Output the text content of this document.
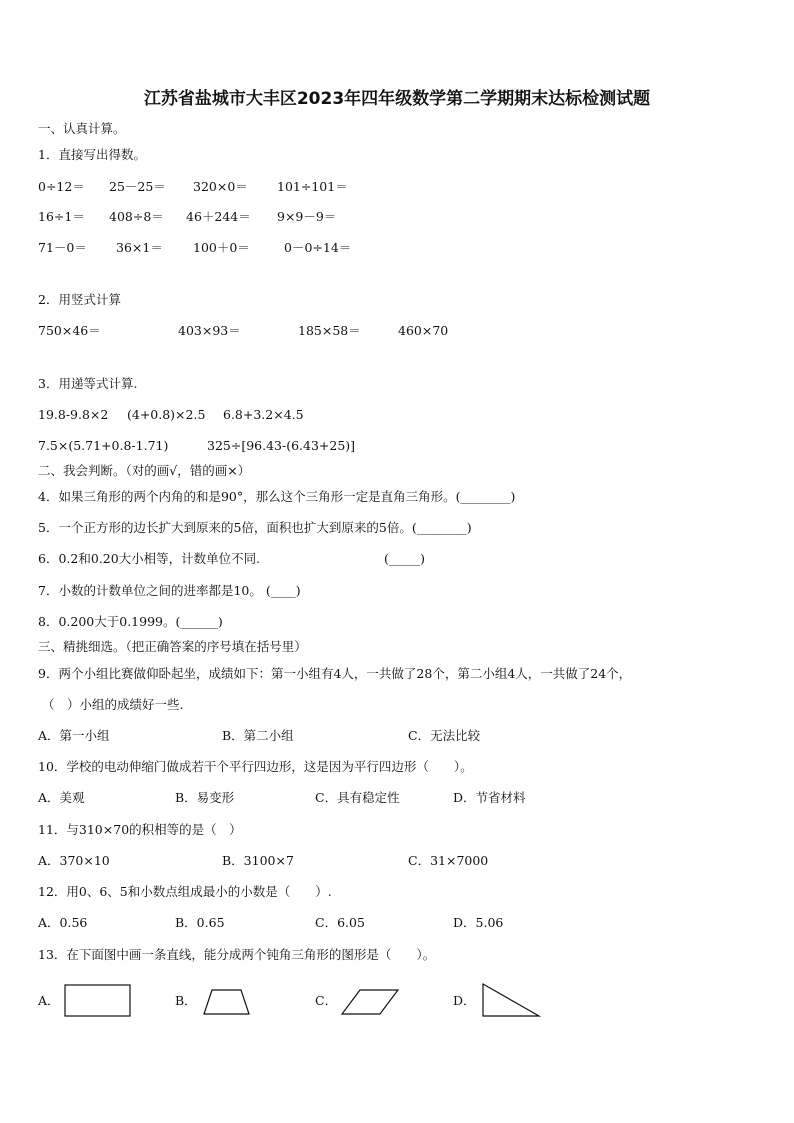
江苏省盐城市大丰区2023年四年级数学第二学期期末达标检测试题
一、认真计算。
1．直接写出得数。
0÷12＝ 25－25＝ 320×0＝ 101÷101＝
16÷1＝ 408÷8＝ 46＋244＝ 9×9－9＝
71－0＝ 36×1＝ 100＋0＝	0－0÷14＝
2．用竖式计算
750×46＝	403×93＝	185×58＝	460×70
3．用递等式计算.
19.8-9.8×2 (4+0.8)×2.5 6.8+3.2×4.5
7.5×(5.71+0.8-1.71)	325÷[96.43-(6.43+25)]
二、我会判断。（对的画√，错的画×）
4．如果三角形的两个内角的和是90°，那么这个三角形一定是直角三角形。(________)
5．一个正方形的边长扩大到原来的5倍，面积也扩大到原来的5倍。(________)
6．0.2和0.20大小相等，计数单位不同.	(_____)
7．小数的计数单位之间的进率都是10。 (____)
8．0.200大于0.1999。(______)
三、精挑细选。（把正确答案的序号填在括号里）
9．两个小组比赛做仰卧起坐，成绩如下：第一小组有4人，一共做了28个，第二小组4人，一共做了24个，
（　）小组的成绩好一些.
A．第一小组	B．第二小组	C．无法比较
10．学校的电动伸缩门做成若干个平行四边形，这是因为平行四边形（　　）。
A．美观	B．易变形	C．具有稳定性	D．节省材料
11．与310×70的积相等的是（　）
A．370×10	B．3100×7	C．31×7000
12．用0、6、5和小数点组成最小的小数是（　　）.
A．0.56	B．0.65	C．6.05	D．5.06
13．在下面图中画一条直线，能分成两个钝角三角形的图形是（　　）。
A．	B．	C．	D．
